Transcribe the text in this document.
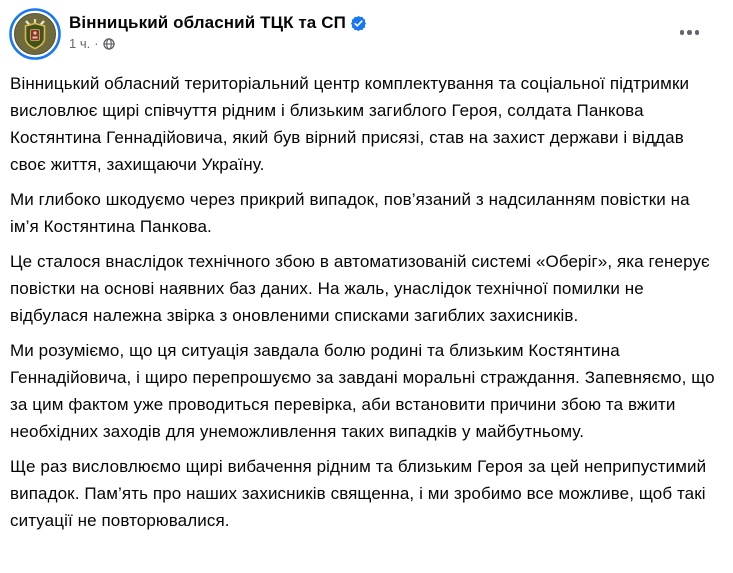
Вінницький обласний ТЦК та СП
1 ч. ·

Вінницький обласний територіальний центр комплектування та соціальної підтримки висловлює щирі співчуття рідним і близьким загиблого Героя, солдата Панкова Костянтина Геннадійовича, який був вірний присязі, став на захист держави і віддав своє життя, захищаючи Україну.

Ми глибоко шкодуємо через прикрий випадок, пов’язаний з надсиланням повістки на ім’я Костянтина Панкова.

Це сталося внаслідок технічного збою в автоматизованій системі «Оберіг», яка генерує повістки на основі наявних баз даних. На жаль, унаслідок технічної помилки не відбулася належна звірка з оновленими списками загиблих захисників.

Ми розуміємо, що ця ситуація завдала болю родині та близьким Костянтина Геннадійовича, і щиро перепрошуємо за завдані моральні страждання. Запевняємо, що за цим фактом уже проводиться перевірка, аби встановити причини збою та вжити необхідних заходів для унеможливлення таких випадків у майбутньому.

Ще раз висловлюємо щирі вибачення рідним та близьким Героя за цей неприпустимий випадок. Пам’ять про наших захисників священна, і ми зробимо все можливе, щоб такі ситуації не повторювалися.
